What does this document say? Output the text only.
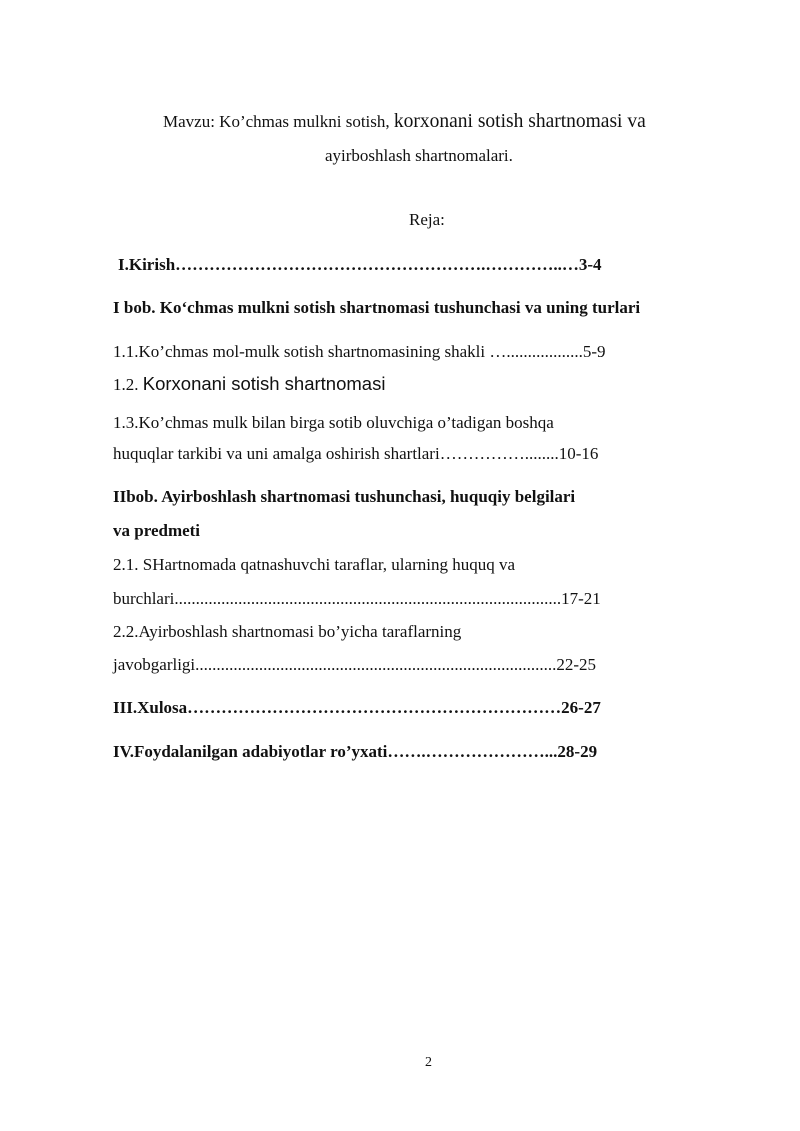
Mavzu: Ko’chmas mulkni sotish, korxonani sotish shartnomasi va
ayirboshlash shartnomalari.
Reja:
I.Kirish……………………………………………….…………..…3-4
I bob. Ko‘chmas mulkni sotish shartnomasi tushunchasi va uning turlari
1.1.Ko’chmas mol-mulk sotish shartnomasining shakli …..................5-9
1.2. Korxonani sotish shartnomasi
1.3.Ko’chmas mulk bilan birga sotib oluvchiga o’tadigan boshqa
huquqlar tarkibi va uni amalga oshirish shartlari……………........10-16
IIbob. Ayirboshlash shartnomasi tushunchasi, huquqiy belgilari
va predmeti
2.1. SHartnomada qatnashuvchi taraflar, ularning huquq va
burchlari...........................................................................................17-21
2.2.Ayirboshlash shartnomasi bo’yicha taraflarning
javobgarligi.....................................................................................22-25
III.Xulosa…………………………………………………………26-27
IV.Foydalanilgan adabiyotlar ro’yxati…….…………………...28-29
2
